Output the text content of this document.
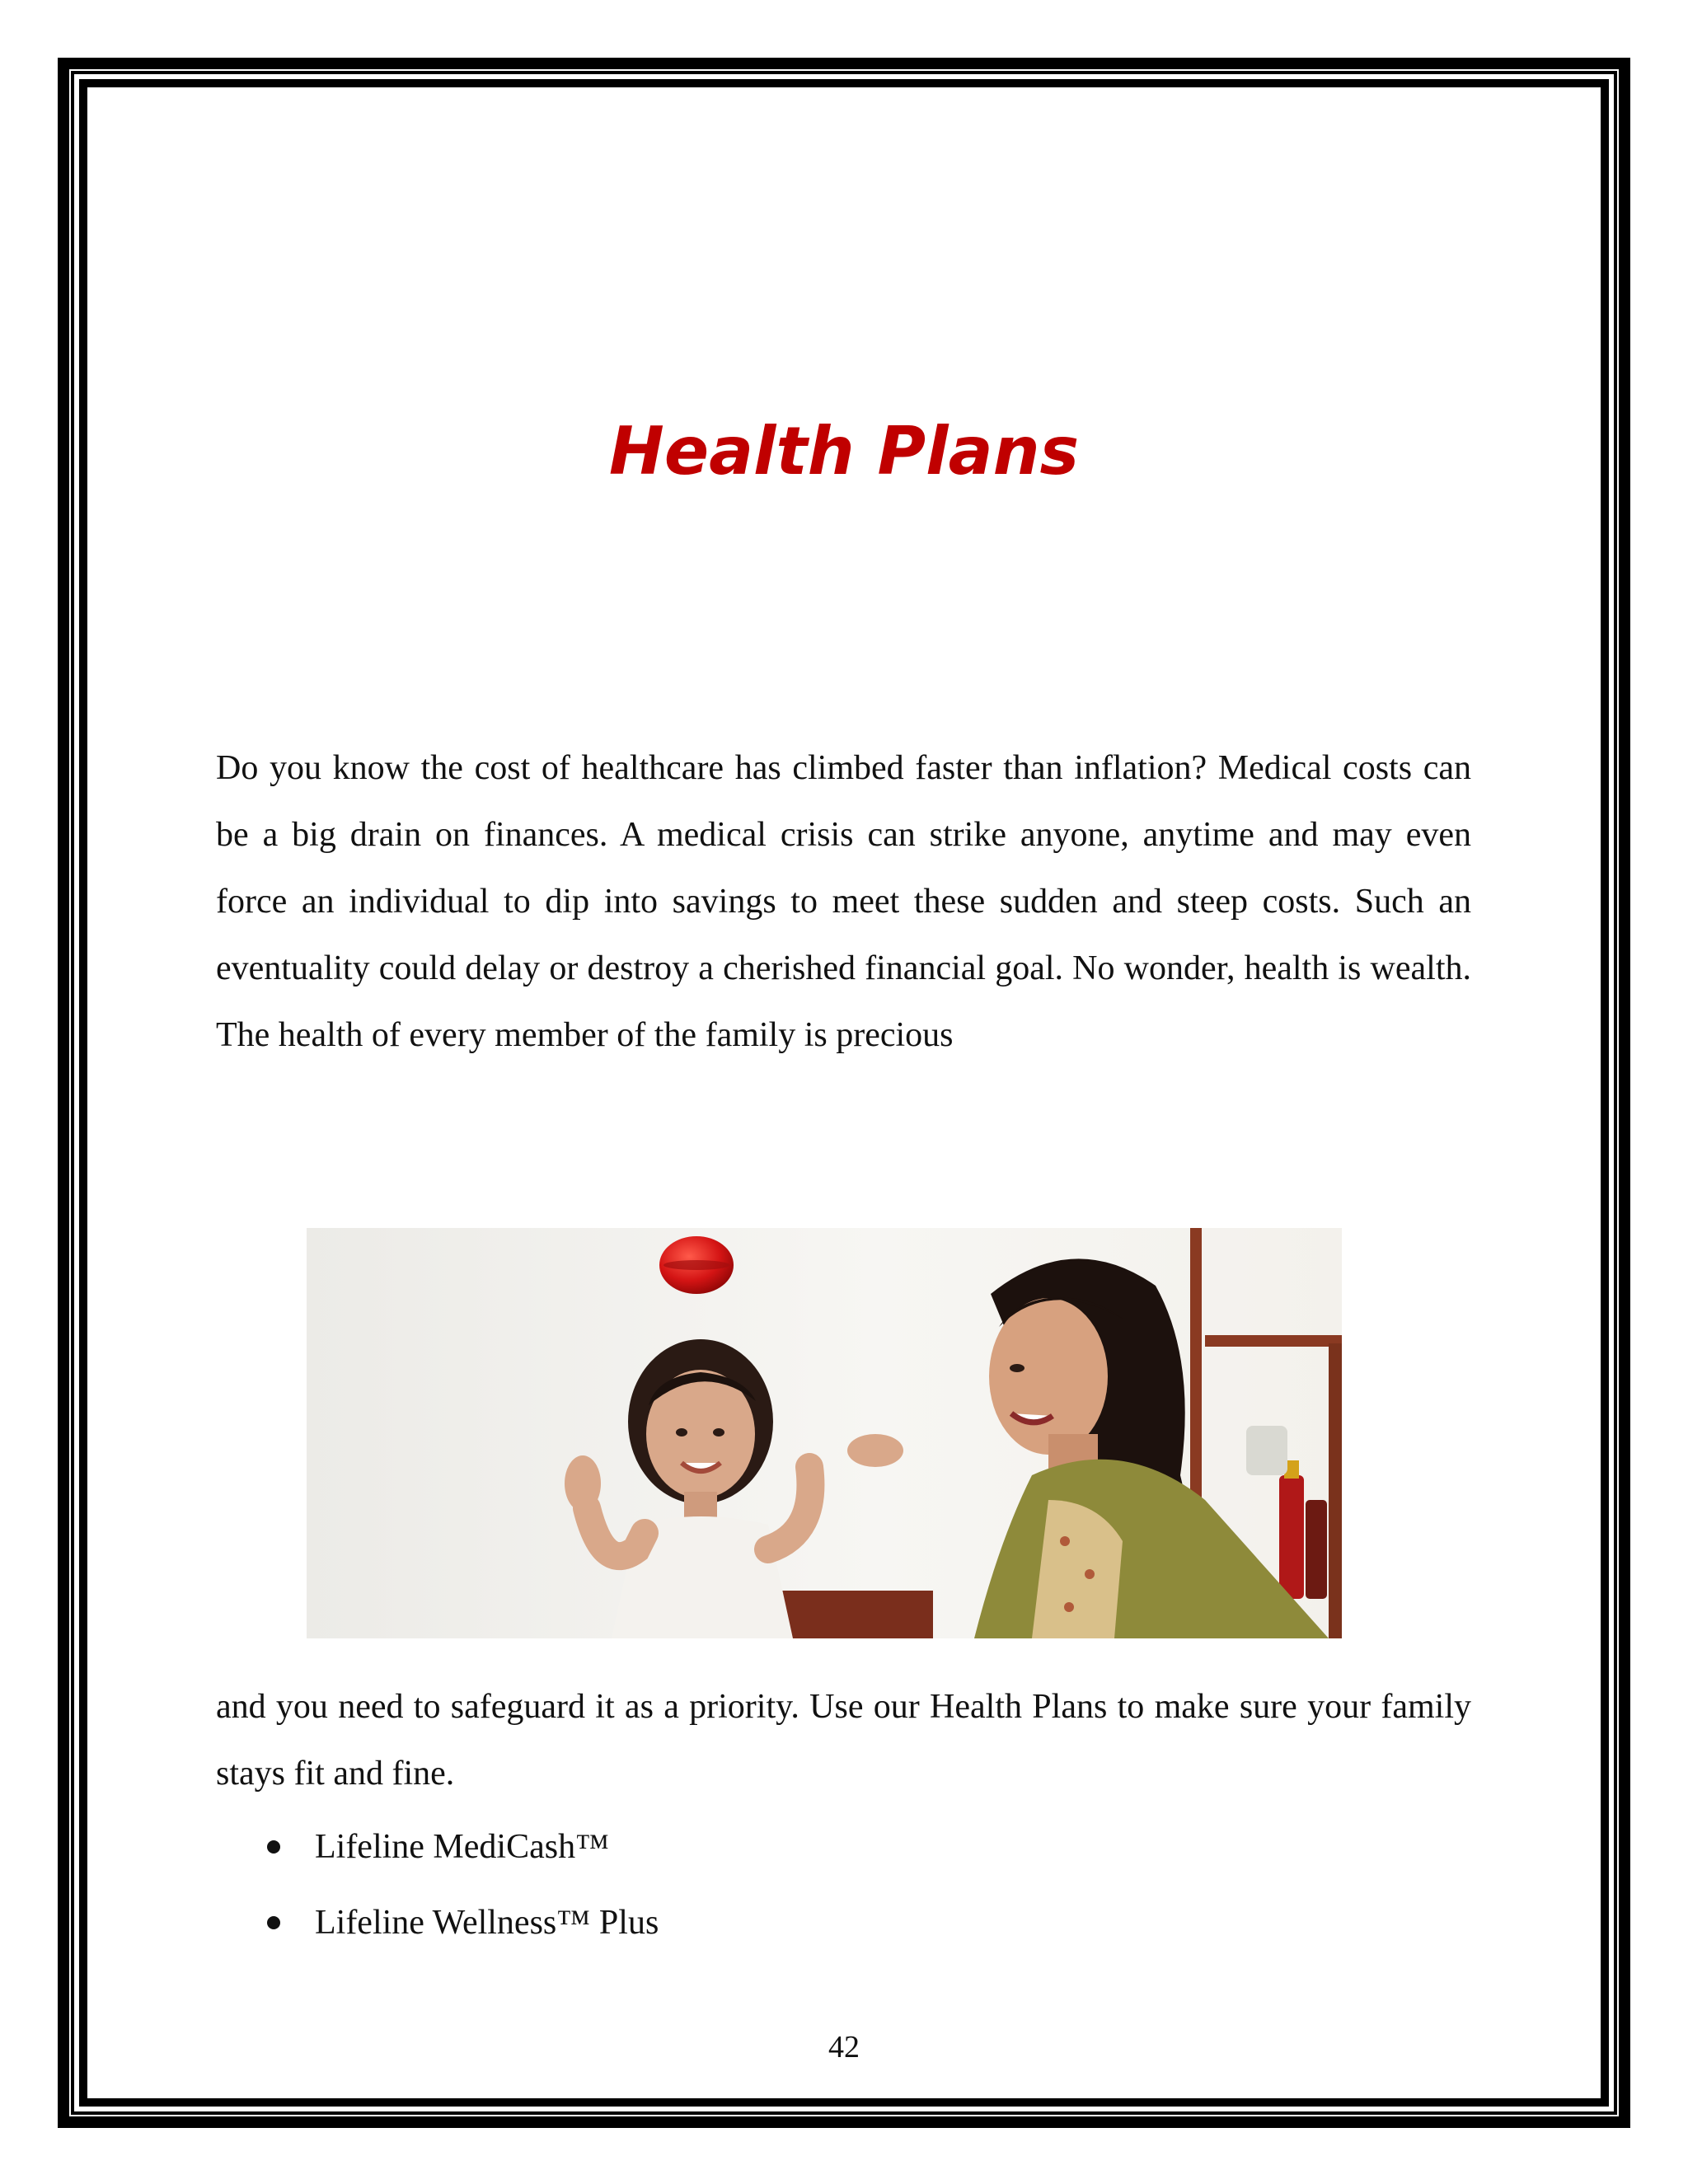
Health Plans

Do you know the cost of healthcare has climbed faster than inflation? Medical costs can be a big drain on finances. A medical crisis can strike anyone, anytime and may even force an individual to dip into savings to meet these sudden and steep costs. Such an eventuality could delay or destroy a cherished financial goal. No wonder, health is wealth. The health of every member of the family is precious

and you need to safeguard it as a priority. Use our Health Plans to make sure your family stays fit and fine.

Lifeline MediCash™
Lifeline Wellness™ Plus
42
